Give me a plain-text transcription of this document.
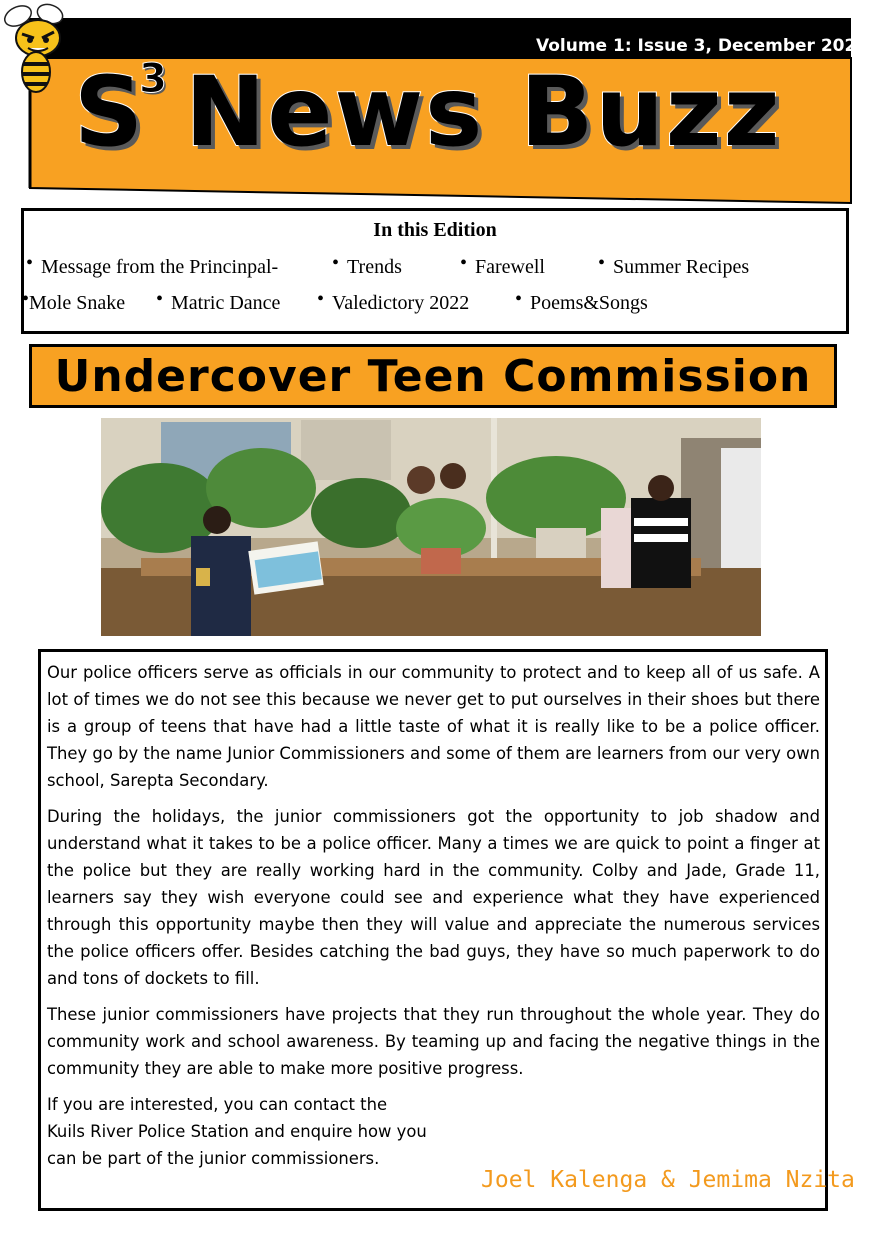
Volume 1: Issue 3, December 2022
S
3 News Buzz
In this Edition
• Message from the Princinpal-	• Trends	• Farewell	• Summer Recipes
•Mole Snake • Matric Dance • Valedictory 2022 • Poems&Songs
Undercover Teen Commission

Our police officers serve as officials in our community to protect and to keep all of us safe. A lot of times we do not see this because we never get to put ourselves in their shoes but there is a group of teens that have had a little taste of what it is really like to be a police officer. They go by the name Junior Commissioners and some of them are learners from our very own school, Sarepta Secondary.

During the holidays, the junior commissioners got the opportunity to job shadow and understand what it takes to be a police officer. Many a times we are quick to point a finger at the police but they are really working hard in the community. Colby and Jade, Grade 11, learners say they wish everyone could see and experience what they have experienced through this opportunity maybe then they will value and appreciate the numerous services the police officers offer. Besides catching the bad guys, they have so much paperwork to do and tons of dockets to fill.

These junior commissioners have projects that they run throughout the whole year. They do community work and school awareness. By teaming up and facing the negative things in the community they are able to make more positive progress.

If you are interested, you can contact the Kuils River Police Station and enquire how you can be part of the junior commissioners.

Joel Kalenga & Jemima Nzita
